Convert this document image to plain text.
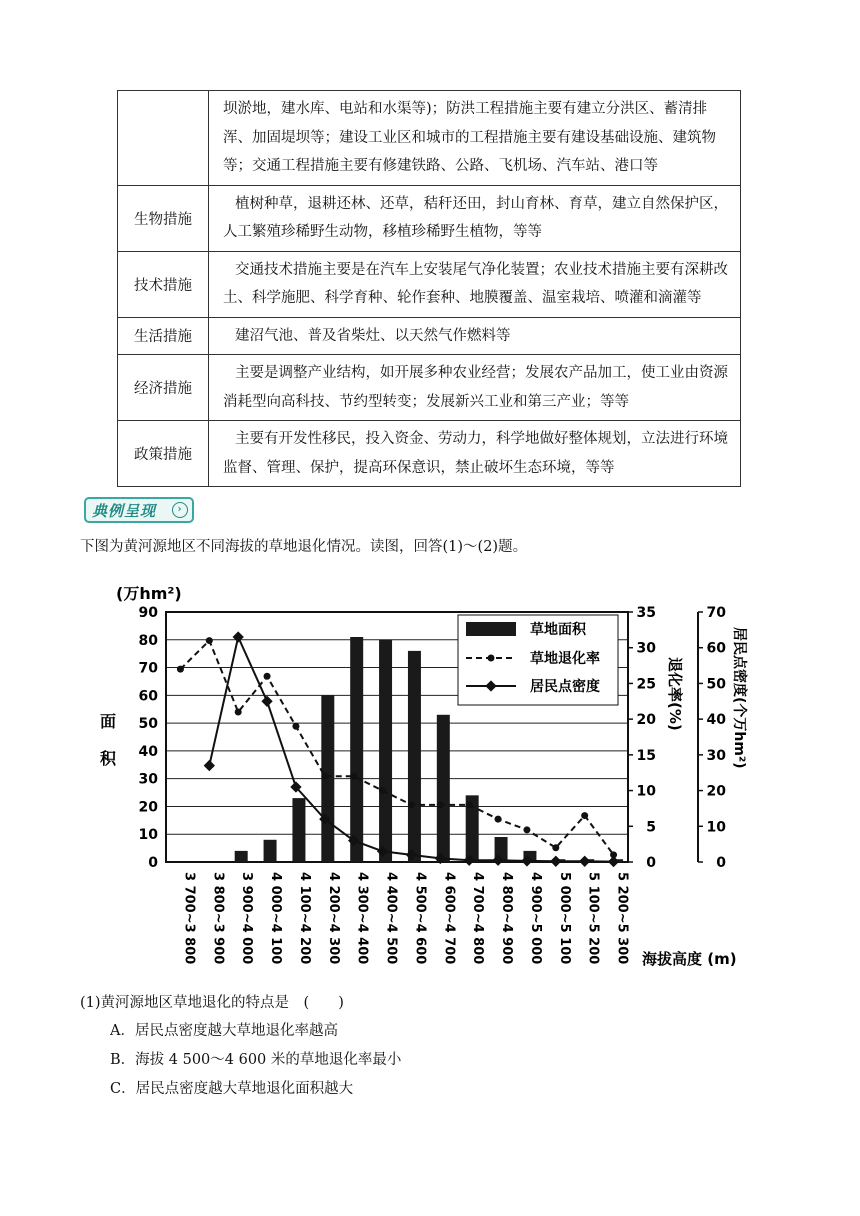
	坝淤地，建水库、电站和水渠等)；防洪工程措施主要有建立分洪区、蓄清排浑、加固堤坝等；建设工业区和城市的工程措施主要有建设基础设施、建筑物等；交通工程措施主要有修建铁路、公路、飞机场、汽车站、港口等
生物措施	植树种草，退耕还林、还草，秸秆还田，封山育林、育草，建立自然保护区，人工繁殖珍稀野生动物，移植珍稀野生植物，等等

技术措施	交通技术措施主要是在汽车上安装尾气净化装置；农业技术措施主要有深耕改土、科学施肥、科学育种、轮作套种、地膜覆盖、温室栽培、喷灌和滴灌等

生活措施	建沼气池、普及省柴灶、以天然气作燃料等

经济措施	主要是调整产业结构，如开展多种农业经营；发展农产品加工，使工业由资源消耗型向高科技、节约型转变；发展新兴工业和第三产业；等等

政策措施	主要有开发性移民，投入资金、劳动力，科学地做好整体规划，立法进行环境监督、管理、保护，提高环保意识，禁止破坏生态环境，等等
典例呈现	›
下图为黄河源地区不同海拔的草地退化情况。读图，回答(1)～(2)题。
0
10
20
30
40
50
60
70
80
90
0
5
10
15
20
25
30
35
0
10
20
30
40
50
60
70
3 700~3 800 3 800~3 900 3 900~4 000 4 000~4 100 4 100~4 200 4 200~4 300 4 300~4 400 4 400~4 500 4 500~4 600 4 600~4 700 4 700~4 800 4 800~4 900 4 900~5 000 5 000~5 100 5 100~5 200 5 200~5 300
草地面积
草地退化率
居民点密度
(万hm²)
面
积
退化率(%)	居民点密度(个万hm²)
海拔高度 (m)
(1)黄河源地区草地退化的特点是　(　　)
A．居民点密度越大草地退化率越高
B．海拔 4 500～4 600 米的草地退化率最小
C．居民点密度越大草地退化面积越大
